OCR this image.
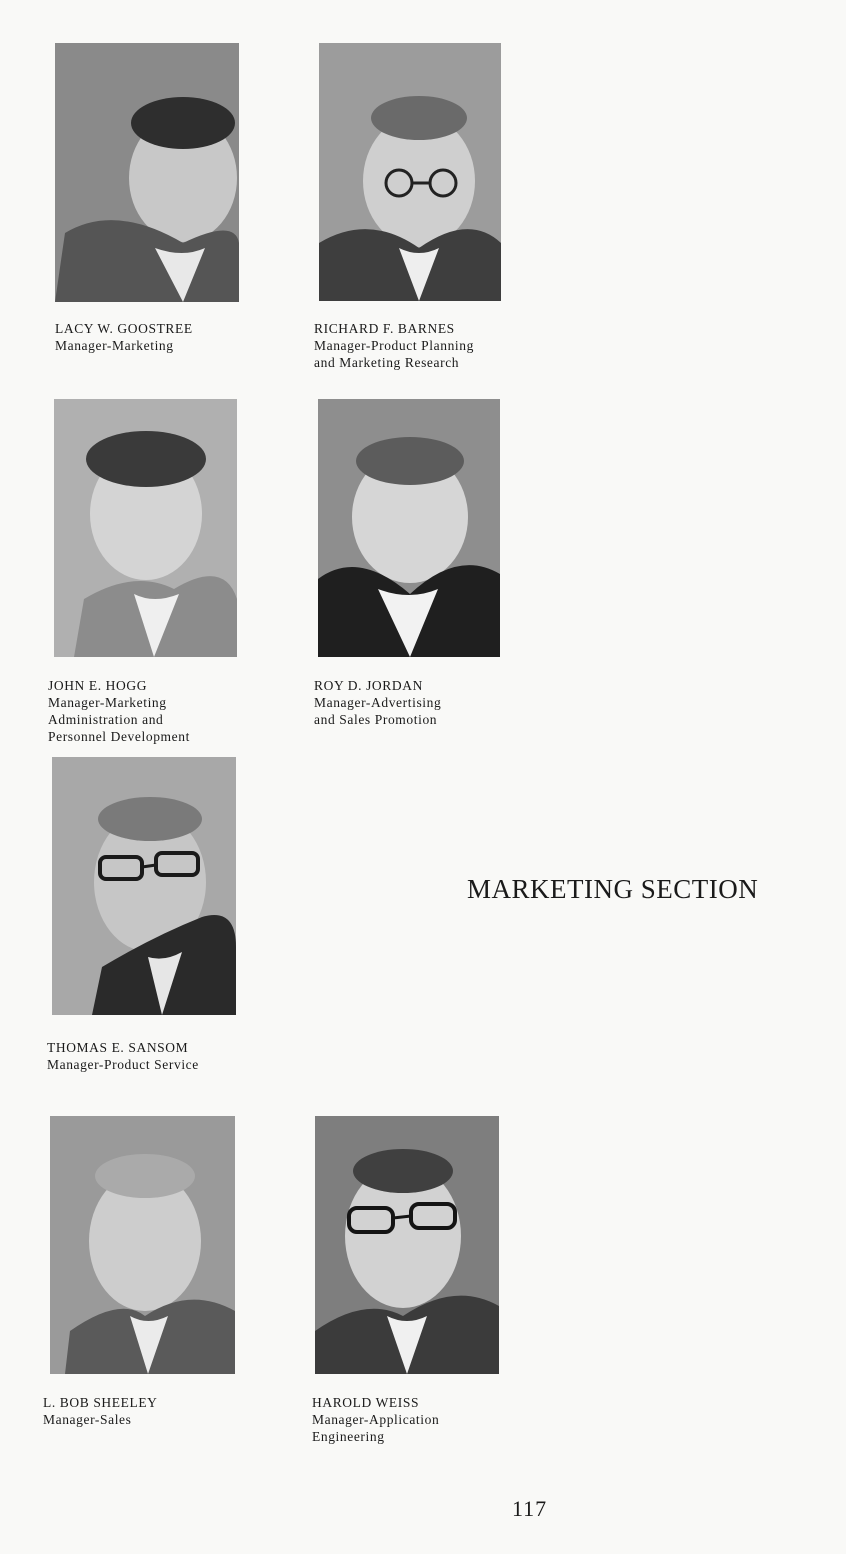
LACY W. GOOSTREE
Manager-Marketing
RICHARD F. BARNES
Manager-Product Planning
and Marketing Research
JOHN E. HOGG
Manager-Marketing
Administration and
Personnel Development
ROY D. JORDAN
Manager-Advertising
and Sales Promotion
THOMAS E. SANSOM
Manager-Product Service
MARKETING SECTION
L. BOB SHEELEY
Manager-Sales
HAROLD WEISS
Manager-Application
Engineering
117
